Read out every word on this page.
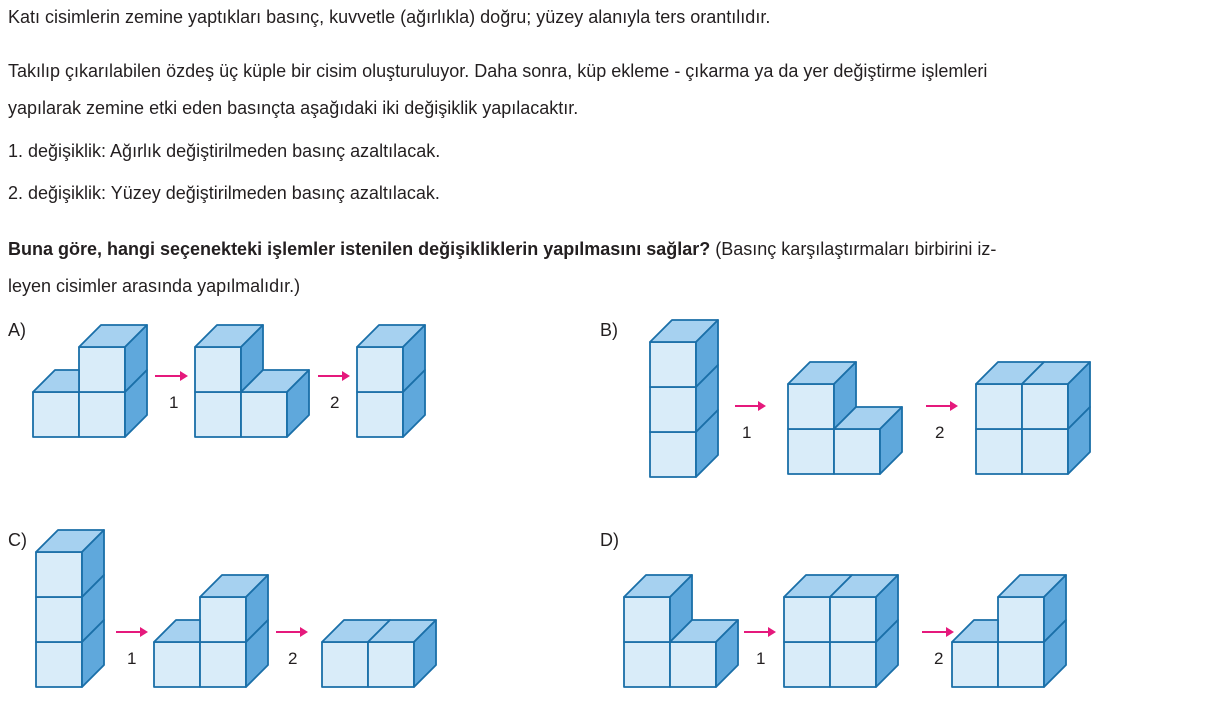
Katı cisimlerin zemine yaptıkları basınç, kuvvetle (ağırlıkla) doğru; yüzey alanıyla ters orantılıdır.
Takılıp çıkarılabilen özdeş üç küple bir cisim oluşturuluyor. Daha sonra, küp ekleme - çıkarma ya da yer değiştirme işlemleri
yapılarak zemine etki eden basınçta aşağıdaki iki değişiklik yapılacaktır.
1. değişiklik: Ağırlık değiştirilmeden basınç azaltılacak.
2. değişiklik: Yüzey değiştirilmeden basınç azaltılacak.
Buna göre, hangi seçenekteki işlemler istenilen değişikliklerin yapılmasını sağlar? (Basınç karşılaştırmaları birbirini iz-
leyen cisimler arasında yapılmalıdır.)
A)	B)
C)	D)
1	2
1	2
1	2	1	2
